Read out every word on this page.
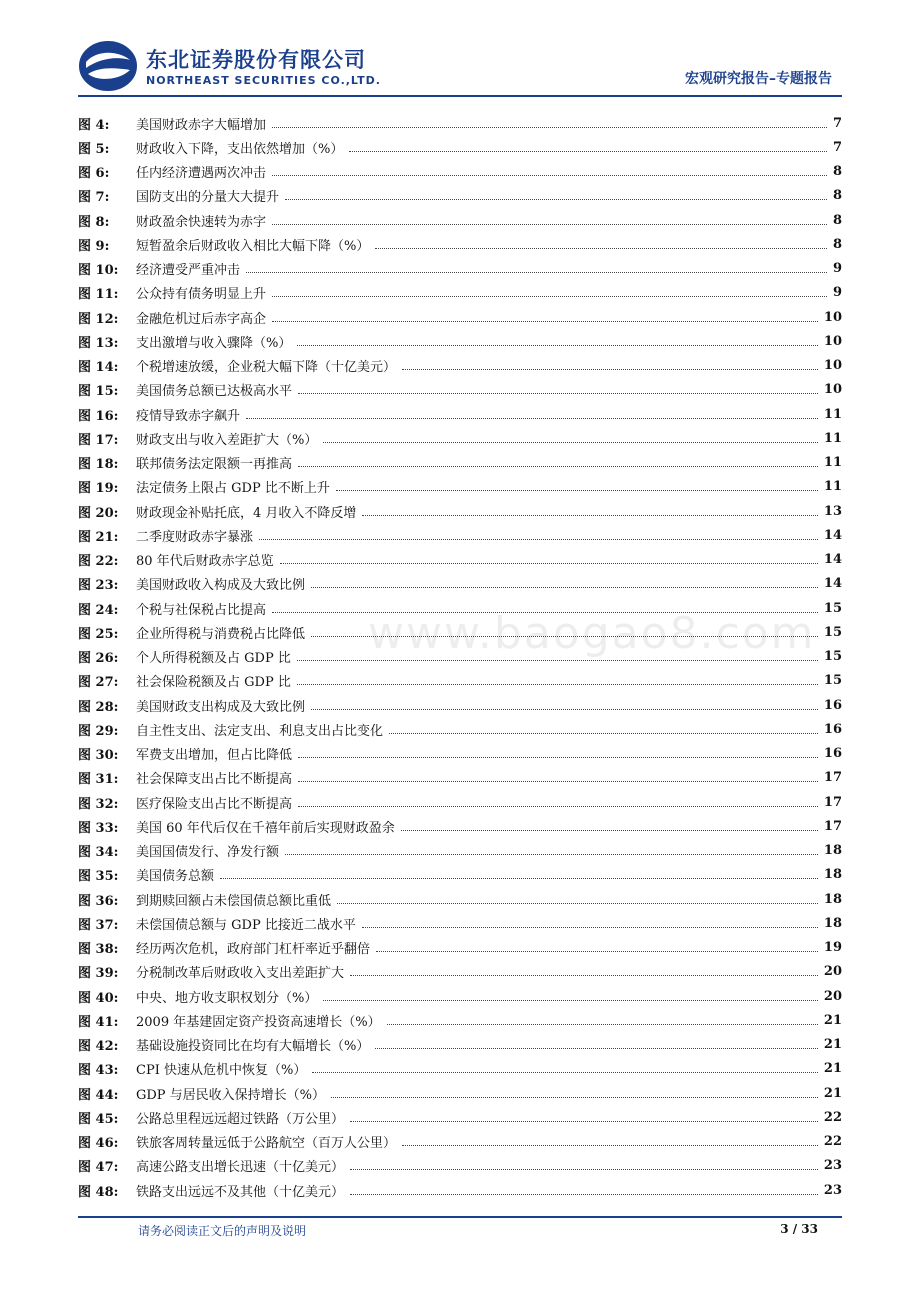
东北证券股份有限公司
NORTHEAST SECURITIES CO.,LTD.	宏观研究报告–专题报告
图 4:	美国财政赤字大幅增加	7
图 5:	财政收入下降，支出依然增加（%）	7
图 6:	任内经济遭遇两次冲击	8
图 7:	国防支出的分量大大提升	8
图 8:	财政盈余快速转为赤字	8
图 9:	短暂盈余后财政收入相比大幅下降（%）	8
图 10:	经济遭受严重冲击	9
图 11:	公众持有债务明显上升	9
图 12:	金融危机过后赤字高企	10
图 13:	支出激增与收入骤降（%）	10
图 14:	个税增速放缓，企业税大幅下降（十亿美元）	10
图 15:	美国债务总额已达极高水平	10
图 16:	疫情导致赤字飙升	11
图 17:	财政支出与收入差距扩大（%）	11
图 18:	联邦债务法定限额一再推高	11
图 19:	法定债务上限占 GDP 比不断上升	11
图 20:	财政现金补贴托底，4 月收入不降反增	13
图 21:	二季度财政赤字暴涨	14
图 22:	80 年代后财政赤字总览	14
图 23:	美国财政收入构成及大致比例	14
图 24:	个税与社保税占比提高	15
图 25:	企业所得税与消费税占比降低	15
图 26:	个人所得税额及占 GDP 比	15
图 27:	社会保险税额及占 GDP 比	15
图 28:	美国财政支出构成及大致比例	16
图 29:	自主性支出、法定支出、利息支出占比变化	16
图 30:	军费支出增加，但占比降低	16
图 31:	社会保障支出占比不断提高	17
图 32:	医疗保险支出占比不断提高	17
图 33:	美国 60 年代后仅在千禧年前后实现财政盈余	17
图 34:	美国国债发行、净发行额	18
图 35:	美国债务总额	18
图 36:	到期赎回额占未偿国债总额比重低	18
图 37:	未偿国债总额与 GDP 比接近二战水平	18
图 38:	经历两次危机，政府部门杠杆率近乎翻倍	19
图 39:	分税制改革后财政收入支出差距扩大	20
图 40:	中央、地方收支职权划分（%）	20
图 41:	2009 年基建固定资产投资高速增长（%）	21
图 42:	基础设施投资同比在均有大幅增长（%）	21
图 43:	CPI 快速从危机中恢复（%）	21
图 44:	GDP 与居民收入保持增长（%）	21
图 45:	公路总里程远远超过铁路（万公里）	22
图 46:	铁旅客周转量远低于公路航空（百万人公里）	22
图 47:	高速公路支出增长迅速（十亿美元）	23
图 48:	铁路支出远远不及其他（十亿美元）	23
www.baogao8.com
请务必阅读正文后的声明及说明	3 / 33
